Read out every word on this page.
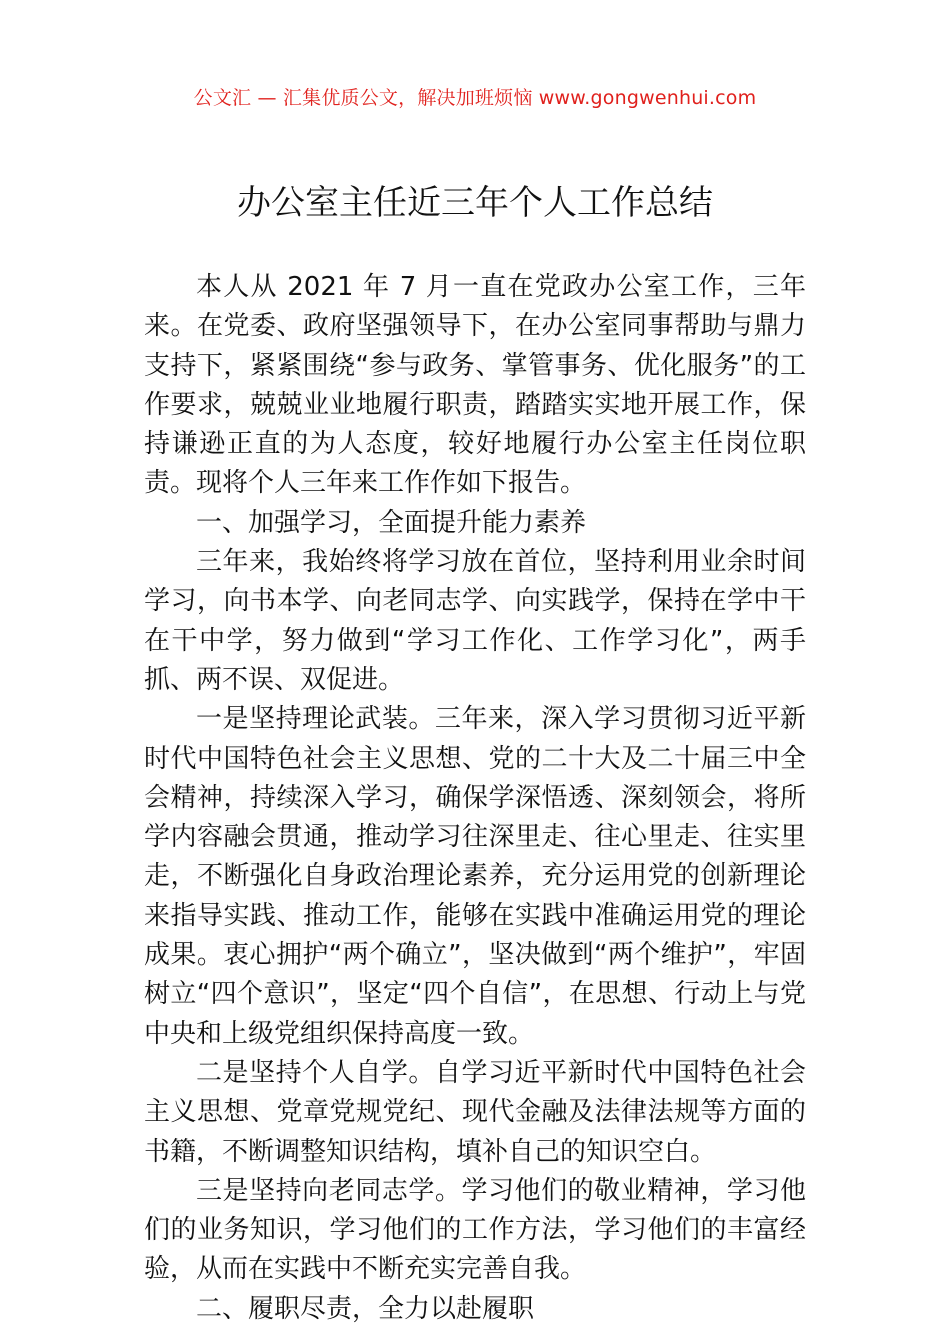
公文汇 — 汇集优质公文，解决加班烦恼 www.gongwenhui.com
办公室主任近三年个人工作总结

本人从 2021 年 7 月一直在党政办公室工作，三年来。在党委、政府坚强领导下，在办公室同事帮助与鼎力支持下，紧紧围绕“参与政务、掌管事务、优化服务”的工作要求，兢兢业业地履行职责，踏踏实实地开展工作，保持谦逊正直的为人态度，较好地履行办公室主任岗位职责。现将个人三年来工作作如下报告。

一、加强学习，全面提升能力素养

三年来，我始终将学习放在首位，坚持利用业余时间学习，向书本学、向老同志学、向实践学，保持在学中干在干中学，努力做到“学习工作化、工作学习化”，两手抓、两不误、双促进。

一是坚持理论武装。三年来，深入学习贯彻习近平新时代中国特色社会主义思想、党的二十大及二十届三中全会精神，持续深入学习，确保学深悟透、深刻领会，将所学内容融会贯通，推动学习往深里走、往心里走、往实里走，不断强化自身政治理论素养，充分运用党的创新理论来指导实践、推动工作，能够在实践中准确运用党的理论成果。衷心拥护“两个确立”，坚决做到“两个维护”，牢固树立“四个意识”，坚定“四个自信”，在思想、行动上与党中央和上级党组织保持高度一致。

二是坚持个人自学。自学习近平新时代中国特色社会主义思想、党章党规党纪、现代金融及法律法规等方面的书籍，不断调整知识结构，填补自己的知识空白。

三是坚持向老同志学。学习他们的敬业精神，学习他们的业务知识，学习他们的工作方法，学习他们的丰富经验，从而在实践中不断充实完善自我。

二、履职尽责，全力以赴履职
